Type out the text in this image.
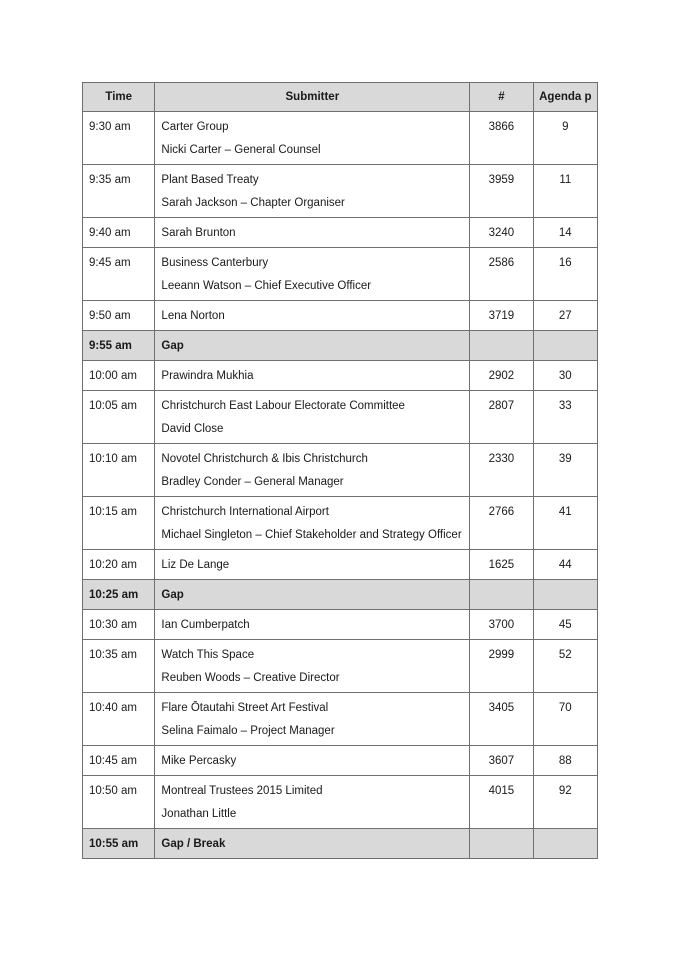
Time	Submitter	#	Agenda p

9:30 am	Carter Group
Nicki Carter – General Counsel	3866	9

9:35 am	Plant Based Treaty
Sarah Jackson – Chapter Organiser	3959	11

9:40 am	Sarah Brunton	3240	14

9:45 am	Business Canterbury
Leeann Watson – Chief Executive Officer	2586	16

9:50 am	Lena Norton	3719	27

9:55 am	Gap		

10:00 am	Prawindra Mukhia	2902	30

10:05 am	Christchurch East Labour Electorate Committee
David Close	2807	33

10:10 am	Novotel Christchurch & Ibis Christchurch
Bradley Conder – General Manager	2330	39

10:15 am	Christchurch International Airport
Michael Singleton – Chief Stakeholder and Strategy Officer	2766	41

10:20 am	Liz De Lange	1625	44

10:25 am	Gap		

10:30 am	Ian Cumberpatch	3700	45

10:35 am	Watch This Space
Reuben Woods – Creative Director	2999	52

10:40 am	Flare Ōtautahi Street Art Festival
Selina Faimalo – Project Manager	3405	70

10:45 am	Mike Percasky	3607	88

10:50 am	Montreal Trustees 2015 Limited
Jonathan Little	4015	92

10:55 am	Gap / Break		
